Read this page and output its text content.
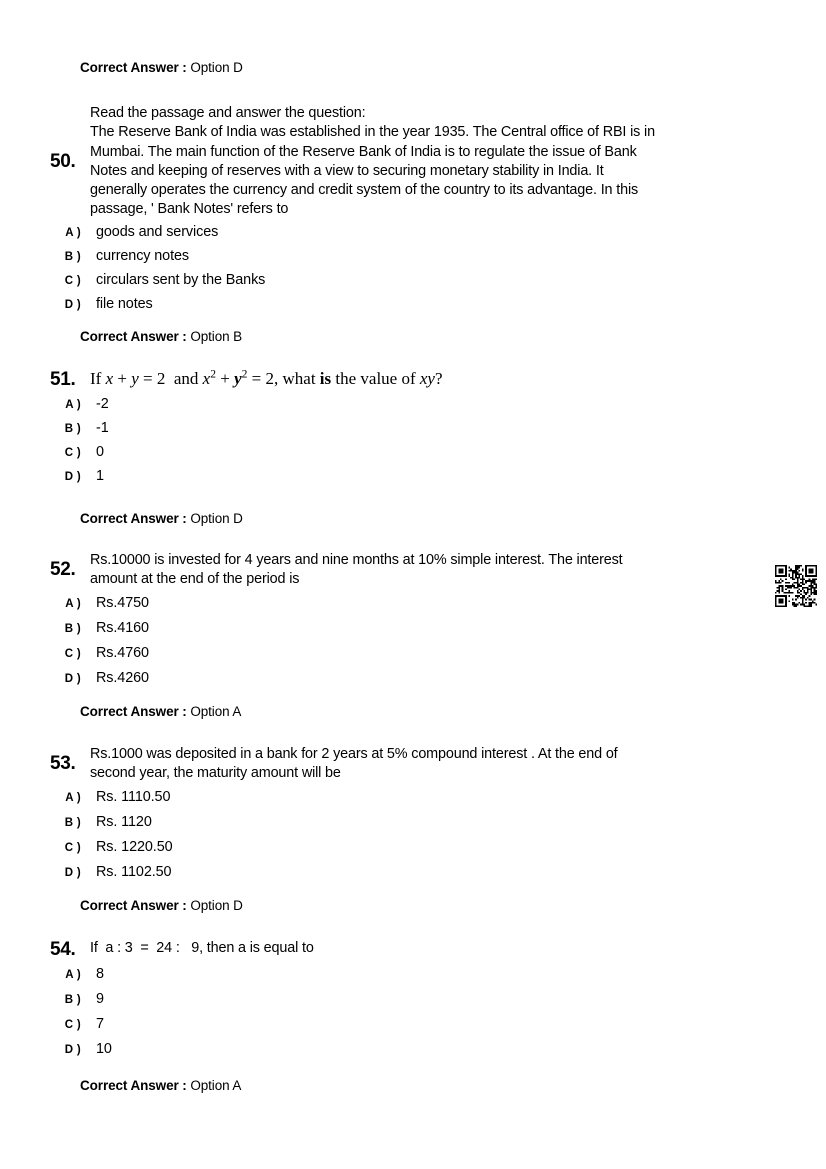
Correct Answer : Option D
50.
Read the passage and answer the question:
The Reserve Bank of India was established in the year 1935. The Central office of RBI is in
Mumbai. The main function of the Reserve Bank of India is to regulate the issue of Bank
Notes and keeping of reserves with a view to securing monetary stability in India. It
generally operates the currency and credit system of the country to its advantage. In this
passage, ' Bank Notes' refers to
A )	goods and services
B )	currency notes
C )	circulars sent by the Banks
D )	file notes
Correct Answer : Option B
51. If x + y = 2  and $x^2 + y^2 = 2$, what is the value of xy?
A )	-2
B )	-1
C )	0
D )	1
Correct Answer : Option D
52.	Rs.10000 is invested for 4 years and nine months at 10% simple interest. The interest
amount at the end of the period is
A )	Rs.4750
B )	Rs.4160
C )	Rs.4760
D )	Rs.4260
Correct Answer : Option A
53.	Rs.1000 was deposited in a bank for 2 years at 5% compound interest . At the end of
second year, the maturity amount will be
A )	Rs. 1110.50
B )	Rs. 1120
C )	Rs. 1220.50
D )	Rs. 1102.50
Correct Answer : Option D
54.	If  a : 3  =  24 :   9, then a is equal to
A )	8
B )	9
C )	7
D )	10
Correct Answer : Option A
